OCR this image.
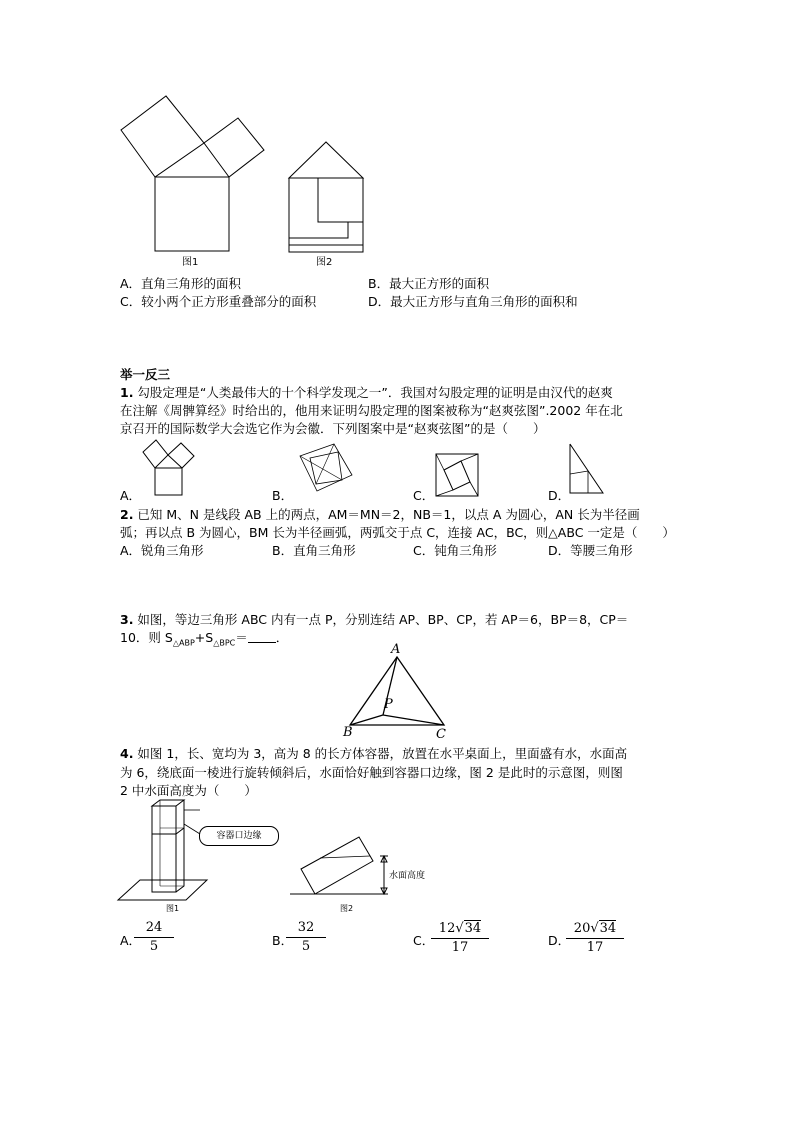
图1	图2
A．直角三角形的面积	B．最大正方形的面积
C．较小两个正方形重叠部分的面积	D．最大正方形与直角三角形的面积和
举一反三
1. 勾股定理是“人类最伟大的十个科学发现之一”．我国对勾股定理的证明是由汉代的赵爽
在注解《周髀算经》时给出的，他用来证明勾股定理的图案被称为“赵爽弦图”.2002 年在北
京召开的国际数学大会选它作为会徽．下列图案中是“赵爽弦图”的是（　　）
A．	B．	C．	D．
2. 已知 M、N 是线段 AB 上的两点，AM＝MN＝2，NB＝1，以点 A 为圆心，AN 长为半径画
弧；再以点 B 为圆心，BM 长为半径画弧，两弧交于点 C，连接 AC，BC，则△ABC 一定是（　　）
A．锐角三角形	B．直角三角形	C．钝角三角形	D．等腰三角形
3. 如图，等边三角形 ABC 内有一点 P，分别连结 AP、BP、CP，若 AP＝6，BP＝8，CP＝
10．则 $S_{\triangle ABP}+S_{\triangle BPC}=$ ．
A
B	C
P
4. 如图 1，长、宽均为 3，高为 8 的长方体容器，放置在水平桌面上，里面盛有水，水面高
为 6，绕底面一棱进行旋转倾斜后，水面恰好触到容器口边缘，图 2 是此时的示意图，则图
2 中水面高度为（　　）
容器口边缘
水面高度
图1	图2
A．
24
5	B．
32
5	C．
12√34
17	D．
20√34
17
